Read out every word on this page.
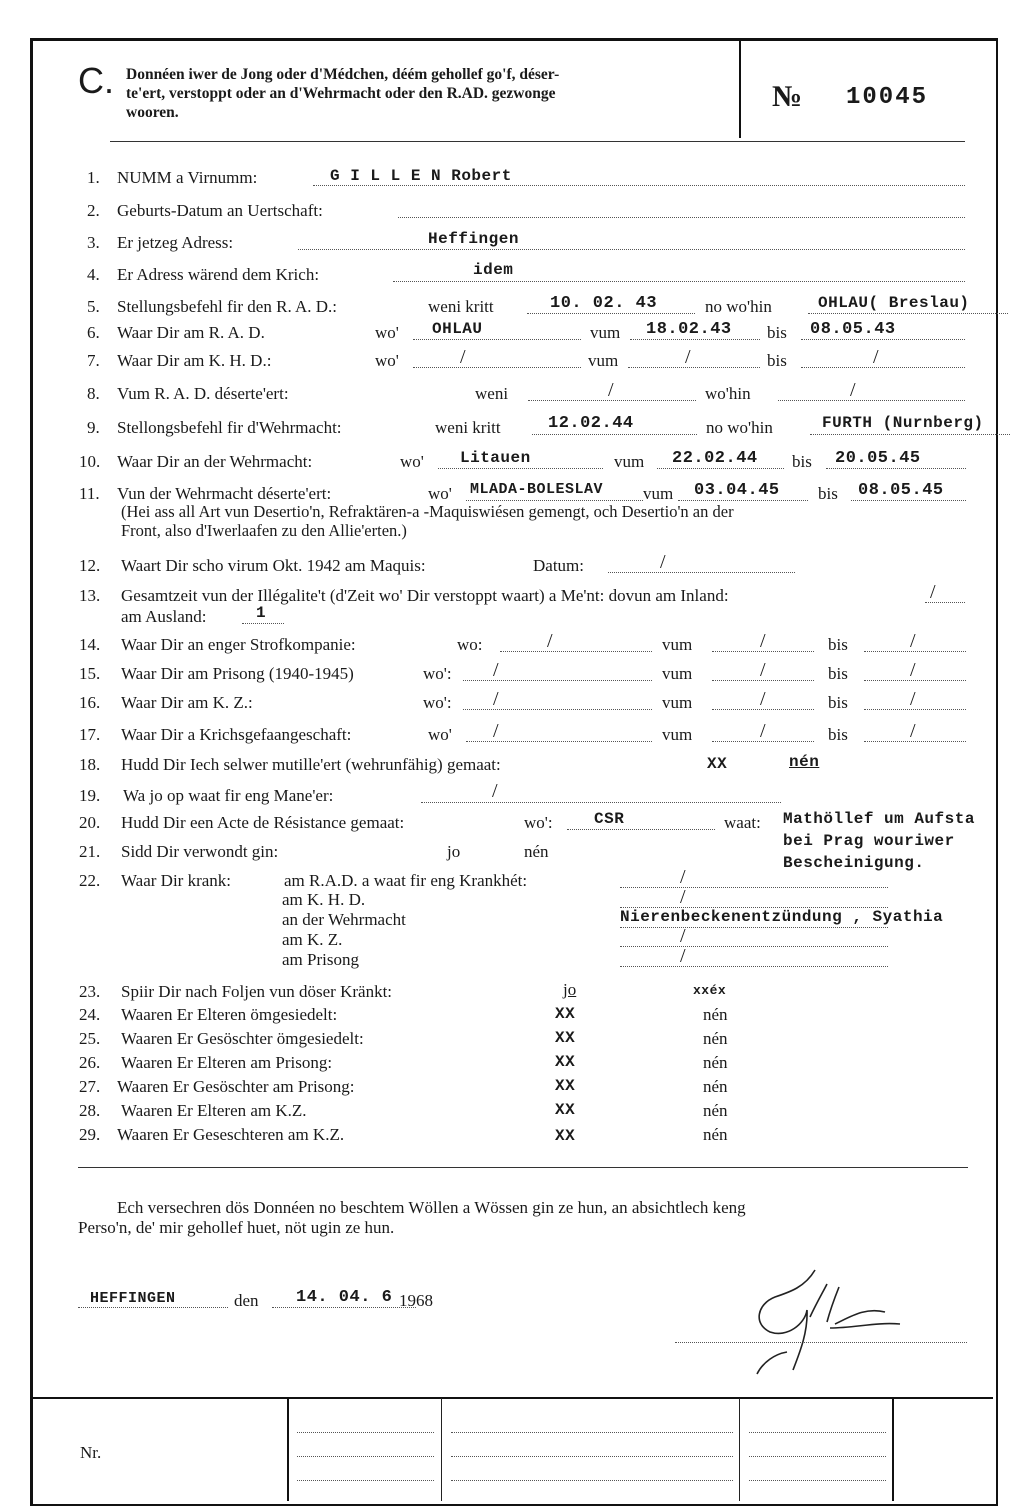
C. Donnéen iwer de Jong oder d'Médchen, déém gehollef go'f, déser-
te'ert, verstoppt oder an d'Wehrmacht oder den R.AD. gezwonge
wooren.	№ 10045
1. NUMM a Virnumm:	G I L L E N Robert
2. Geburts-Datum an Uertschaft:
3. Er jetzeg Adress:	Heffingen
4. Er Adress wärend dem Krich:	idem
5. Stellungsbefehl fir den R. A. D.:	weni kritt	10. 02. 43	no wo'hin	OHLAU( Breslau)
6. Waar Dir am R. A. D.	wo' OHLAU	vum 18.02.43 bis 08.05.43
7. Waar Dir am K. H. D.:	wo'	/	vum	/	bis	/
8. Vum R. A. D. déserte'ert:	weni	/	wo'hin	/
9. Stellongsbefehl fir d'Wehrmacht:	weni kritt	12.02.44	no wo'hin	FURTH (Nurnberg)
10. Waar Dir an der Wehrmacht:	wo' Litauen	vum 22.02.44 bis 20.05.45
11. Vun der Wehrmacht déserte'ert:	wo' MLADA-BOLESLAV vum 03.04.45 bis 08.05.45
(Hei ass all Art vun Desertio'n, Refraktären-a -Maquiswiésen gemengt, och Desertio'n an der
Front, also d'Iwerlaafen zu den Allie'erten.)
12. Waart Dir scho virum Okt. 1942 am Maquis:	Datum:	/
13. Gesamtzeit vun der Illégalite't (d'Zeit wo' Dir verstoppt waart) a Me'nt: dovun am Inland:	/
am Ausland:	1
14. Waar Dir an enger Strofkompanie:	wo:	/	vum	/	bis	/
15. Waar Dir am Prisong (1940-1945)	wo': /	vum	/	bis	/
16. Waar Dir am K. Z.:	wo': /	vum	/	bis	/
17. Waar Dir a Krichsgefaangeschaft:	wo' /	vum	/	bis	/
18. Hudd Dir Iech selwer mutille'ert (wehrunfähig) gemaat:	XX	nén
19. Wa jo op waat fir eng Mane'er:	/
20. Hudd Dir een Acte de Résistance gemaat:	wo':	CSR	waat: Mathöllef um Aufsta
21. Sidd Dir verwondt gin:	jo	nén
bei Prag wouriwer
Bescheinigung.
22. Waar Dir krank:	am R.A.D. a waat fir eng Krankhét:	/
am K. H. D.	/
an der Wehrmacht	Nierenbeckenentzündung , Syathia
am K. Z.	/
am Prisong	/
23. Spiir Dir nach Foljen vun döser Kränkt:	jo	xxéx
24. Waaren Er Elteren ömgesiedelt:	XX	nén
25. Waaren Er Gesöschter ömgesiedelt:	XX	nén
26. Waaren Er Elteren am Prisong:	XX	nén
27. Waaren Er Gesöschter am Prisong:	XX	nén
28. Waaren Er Elteren am K.Z.	XX	nén
29. Waaren Er Geseschteren am K.Z.	XX	nén
Ech versechren dös Donnéen no beschtem Wöllen a Wössen gin ze hun, an absichtlech keng
Perso'n, de' mir gehollef huet, nöt ugin ze hun.
HEFFINGEN	den 14. 04. 6 1968
Nr.
